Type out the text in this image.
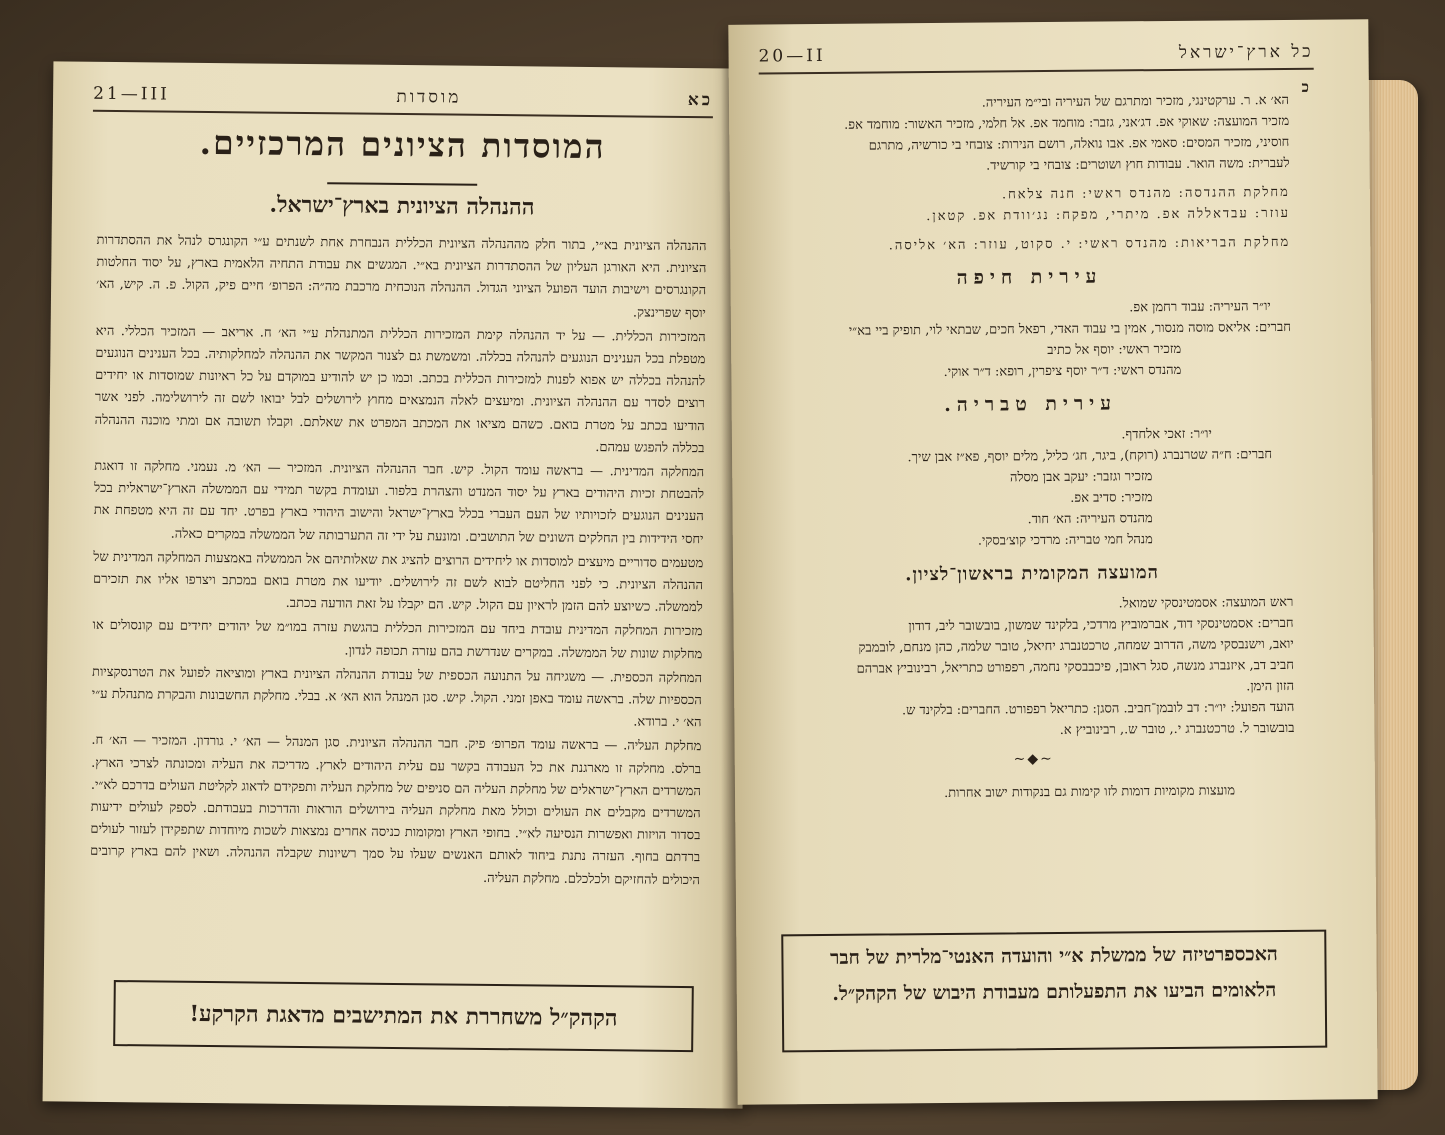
21—III	מוסדות	כא
המוסדות הציונים המרכזיים.
ההנהלה הציונית בארץ־ישראל.

ההנהלה הציונית בא״י, בתור חלק מההנהלה הציונית הכללית הנבחרת אחת לשנתים ע״י הקונגרס לנהל את ההסתדרות הציונית. היא האורגן העליון של ההסתדרות הציונית בא״י. המגשים את עבודת התחיה הלאמית בארץ, על יסוד החלטות הקונגרסים וישיבות הועד הפועל הציוני הגדול. ההנהלה הנוכחית מרכבת מה״ה: הפרופ׳ חיים פיק, הקול. פ. ה. קיש, הא׳ יוסף שפרינצק.

המזכירות הכללית. — על יד ההנהלה קימת המזכירות הכללית המתנהלת ע״י הא׳ ח. אריאב — המזכיר הכללי. היא מטפלת בכל הענינים הנוגעים להנהלה בכללה. ומשמשת גם לצנור המקשר את ההנהלה למחלקותיה. בכל הענינים הנוגעים להנהלה בכללה יש אפוא לפנות למזכירות הכללית בכתב. וכמו כן יש להודיע במוקדם על כל ראיונות שמוסדות או יחידים רוצים לסדר עם ההנהלה הציונית. ומיעצים לאלה הנמצאים מחוץ לירושלים לבל יבואו לשם זה לירושלימה. לפני אשר הודיעו בכתב על מטרת בואם. כשהם מציאו את המכתב המפרט את שאלתם. וקבלו תשובה אם ומתי מוכנה ההנהלה בכללה להפגש עמהם.

המחלקה המדינית. — בראשה עומד הקול. קיש. חבר ההנהלה הציונית. המזכיר — הא׳ מ. נעמני. מחלקה זו דואגת להבטחת זכיות היהודים בארץ על יסוד המנדט והצהרת בלפור. ועומדת בקשר תמידי עם הממשלה הארץ־ישראלית בכל הענינים הנוגעים לזכויותיו של העם העברי בכלל בארץ־ישראל והישוב היהודי בארץ בפרט. יחד עם זה היא מטפחת את יחסי הידידות בין החלקים השונים של התושבים. ומונעת על ידי זה התערבותה של הממשלה במקרים כאלה.

מטעמים סדוריים מיעצים למוסדות או ליחידים הרוצים להציג את שאלותיהם אל הממשלה באמצעות המחלקה המדינית של ההנהלה הציונית. כי לפני החליטם לבוא לשם זה לירושלים. יודיעו את מטרת בואם במכתב ויצרפו אליו את תזכירם לממשלה. כשיוצע להם הזמן לראיון עם הקול. קיש. הם יקבלו על זאת הודעה בכתב.

מזכירות המחלקה המדינית עובדת ביחד עם המזכירות הכללית בהגשת עזרה במו״מ של יהודים יחידים עם קונסולים או מחלקות שונות של הממשלה. במקרים שנדרשת בהם עזרה תכופה לנדון.

המחלקה הכספית. — משגיחה על התנועה הכספית של עבודת ההנהלה הציונית בארץ ומוציאה לפועל את הטרנסקציות הכספיות שלה. בראשה עומד באפן זמני. הקול. קיש. סגן המנהל הוא הא׳ א. בבלי. מחלקת החשבונות והבקרת מתנהלת ע״י הא׳ י. ברודא.

מחלקת העליה. — בראשה עומד הפרופ׳ פיק. חבר ההנהלה הציונית. סגן המנהל — הא׳ י. גורדון. המזכיר — הא׳ ח. ברלס. מחלקה זו מארגנת את כל העבודה בקשר עם עלית היהודים לארץ. מדריכה את העליה ומכונתה לצרכי הארץ. המשרדים הארץ־ישראלים של מחלקת העליה הם סניפים של מחלקת העליה ותפקידם לדאוג לקליטת העולים בדרכם לא״י. המשרדים מקבלים את העולים וכולל מאת מחלקת העליה בירושלים הוראות והדרכות בעבודתם. לספק לעולים ידיעות בסדור הויזות ואפשרות הנסיעה לא״י. בחופי הארץ ומקומות כניסה אחרים נמצאות לשכות מיוחדות שתפקידן לעזור לעולים ברדתם בחוף. העזרה נתנת ביחוד לאותם האנשים שעלו על סמך רשיונות שקבלה ההנהלה. ושאין להם בארץ קרובים היכולים להחזיקם ולכלכלם. מחלקת העליה.

הקהק״ל משחררת את המתישבים מדאגת הקרקע!
20—II	כל ארץ־ישראל
כ
הא׳ א. ר. ערקטינגי, מזכיר ומתרגם של העיריה ובי״מ העיריה.
מזכיר המועצה: שאוקי אפ. דג׳אני, גזבר: מוחמד אפ. אל חלמי, מזכיר האשור: מוחמד אפ.
חוסיני, מזכיר המסים: סאמי אפ. אבו נואלה, רושם הנירות: צובחי בי כורשיה, מתרגם
לעברית: משה הואר. עבודות חוץ ושוטרים: צובחי בי קורשיד.
מחלקת ההנדסה: מהנדס ראשי: חנה צלאח.
עוזר: עבדאללה אפ. מיתרי, מפקח: נג׳וודת אפ. קטאן.
מחלקת הבריאות: מהנדס ראשי: י. סקוט, עוזר: הא׳ אליסה.
עירית חיפה
יו״ר העיריה: עבוד רחמן אפ.
חברים: אליאס מוסה מנסור, אמין בי עבוד האדי, רפאל חכים, שבתאי לוי, תופיק ביי בא״י
מזכיר ראשי: יוסף אל כתיב
מהנדס ראשי: ד״ר יוסף ציפרין, רופא: ד״ר אוקי.
עירית טבריה.
יו״ר: זאכי אלחדף.
חברים: ח״ה שטרנברג (רוקח), ביגר, חג׳ כליל, מלים יוסף, פא״ז אבן שיך.
מזכיר וגזבר: יעקב אבן מסלה
מזכיר: סדיב אפ.
מהנדס העיריה: הא׳ חוד.
מנהל חמי טבריה: מרדכי קוצ׳בסקי.
המועצה המקומית בראשון־לציון.
ראש המועצה: אסמטינסקי שמואל.
חברים: אסמטינסקי דוד, אברמוביץ מרדכי, בלקינד שמשון, בובשובר ליב, דודון
יואב, וישנבסקי משה, הדרוב שמחה, טרכטנברג יחיאל, טובר שלמה, כהן מנחם, לובמבק
חביב דב, איזנברג מנשה, סגל ראובן, פיכבבסקי נחמה, רפפורט כתריאל, רבינוביץ אברהם
הזון הימן.
הועד הפועל: יו״ר: דב לובמן־חביב. הסגן: כתריאל רפפורט. החברים: בלקינד ש.
בובשובר ל. טרכטנברג י., טובר ש., רבינוביץ א.
~◆~
מועצות מקומיות דומות לזו קימות גם בנקודות ישוב אחרות.
האכספרטיזה של ממשלת א״י והועדה האנטי־מלרית של חבר הלאומים הביעו את התפעלותם מעבודת היבוש של הקהק״ל.
